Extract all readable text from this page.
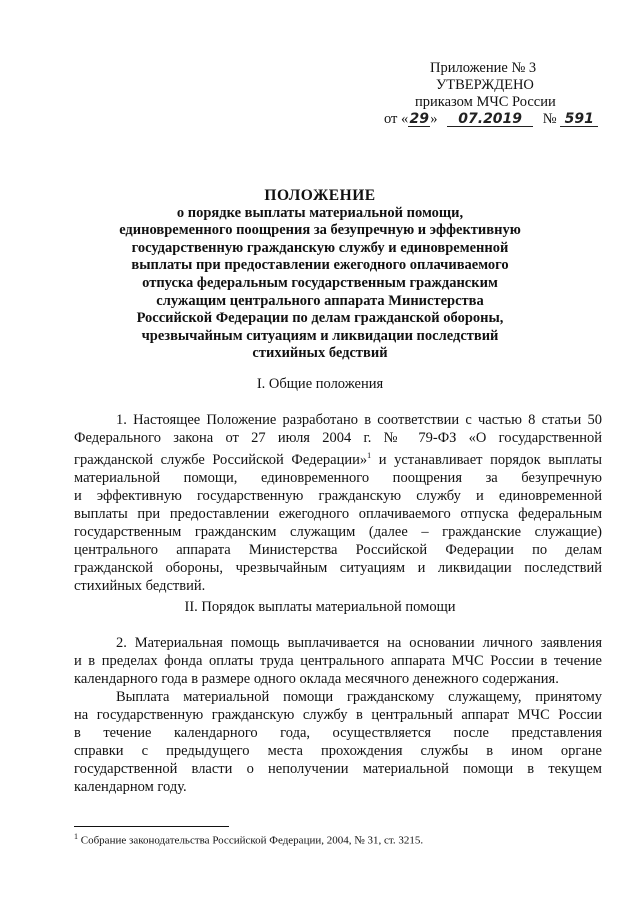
Приложение № 3
УТВЕРЖДЕНО
приказом МЧС России
от «29» 07.2019 № 591
ПОЛОЖЕНИЕ
о порядке выплаты материальной помощи,
единовременного поощрения за безупречную и эффективную
государственную гражданскую службу и единовременной
выплаты при предоставлении ежегодного оплачиваемого
отпуска федеральным государственным гражданским
служащим центрального аппарата Министерства
Российской Федерации по делам гражданской обороны,
чрезвычайным ситуациям и ликвидации последствий
стихийных бедствий
I. Общие положения
1. Настоящее Положение разработано в соответствии с частью 8 статьи 50
Федерального закона от 27 июля 2004 г. № 79-ФЗ «О государственной
гражданской службе Российской Федерации»$^1$ и устанавливает порядок выплаты
материальной помощи, единовременного поощрения за безупречную
и эффективную государственную гражданскую службу и единовременной
выплаты при предоставлении ежегодного оплачиваемого отпуска федеральным
государственным гражданским служащим (далее – гражданские служащие)
центрального аппарата Министерства Российской Федерации по делам
гражданской обороны, чрезвычайным ситуациям и ликвидации последствий
стихийных бедствий.
II. Порядок выплаты материальной помощи
2. Материальная помощь выплачивается на основании личного заявления
и в пределах фонда оплаты труда центрального аппарата МЧС России в течение
календарного года в размере одного оклада месячного денежного содержания.
Выплата материальной помощи гражданскому служащему, принятому
на государственную гражданскую службу в центральный аппарат МЧС России
в течение календарного года, осуществляется после представления
справки с предыдущего места прохождения службы в ином органе
государственной власти о неполучении материальной помощи в текущем
календарном году.
$^1$ Собрание законодательства Российской Федерации, 2004, № 31, ст. 3215.
